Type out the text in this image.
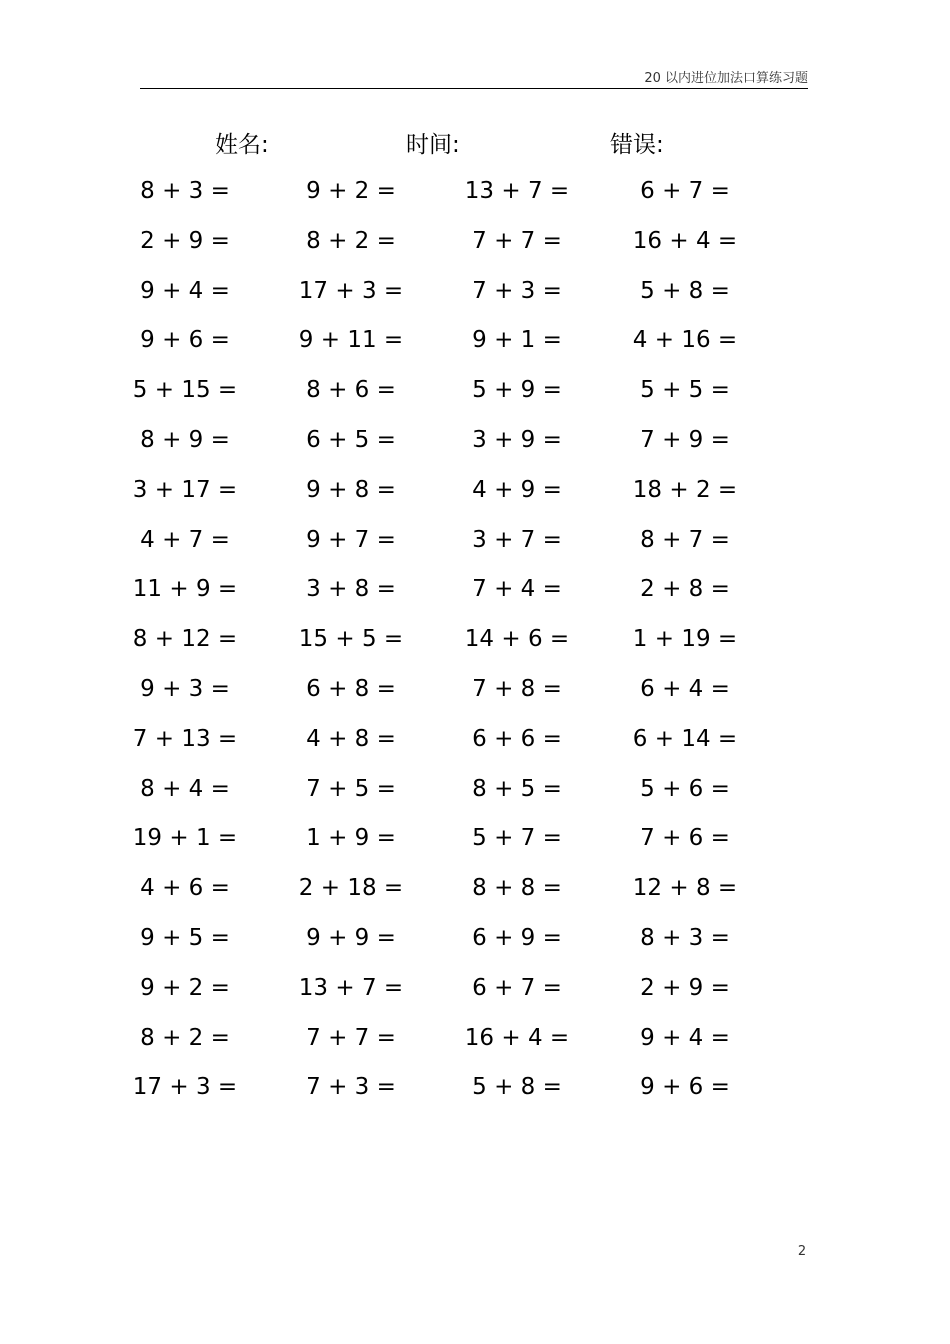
20 以内进位加法口算练习题
姓名:	时间:	错误:
8 + 3 =	9 + 2 =	13 + 7 =	6 + 7 =
2 + 9 =	8 + 2 =	7 + 7 =	16 + 4 =
9 + 4 =	17 + 3 =	7 + 3 =	5 + 8 =
9 + 6 =	9 + 11 =	9 + 1 =	4 + 16 =
5 + 15 =	8 + 6 =	5 + 9 =	5 + 5 =
8 + 9 =	6 + 5 =	3 + 9 =	7 + 9 =
3 + 17 =	9 + 8 =	4 + 9 =	18 + 2 =
4 + 7 =	9 + 7 =	3 + 7 =	8 + 7 =
11 + 9 =	3 + 8 =	7 + 4 =	2 + 8 =
8 + 12 =	15 + 5 =	14 + 6 =	1 + 19 =
9 + 3 =	6 + 8 =	7 + 8 =	6 + 4 =
7 + 13 =	4 + 8 =	6 + 6 =	6 + 14 =
8 + 4 =	7 + 5 =	8 + 5 =	5 + 6 =
19 + 1 =	1 + 9 =	5 + 7 =	7 + 6 =
4 + 6 =	2 + 18 =	8 + 8 =	12 + 8 =
9 + 5 =	9 + 9 =	6 + 9 =	8 + 3 =
9 + 2 =	13 + 7 =	6 + 7 =	2 + 9 =
8 + 2 =	7 + 7 =	16 + 4 =	9 + 4 =
17 + 3 =	7 + 3 =	5 + 8 =	9 + 6 =
2
